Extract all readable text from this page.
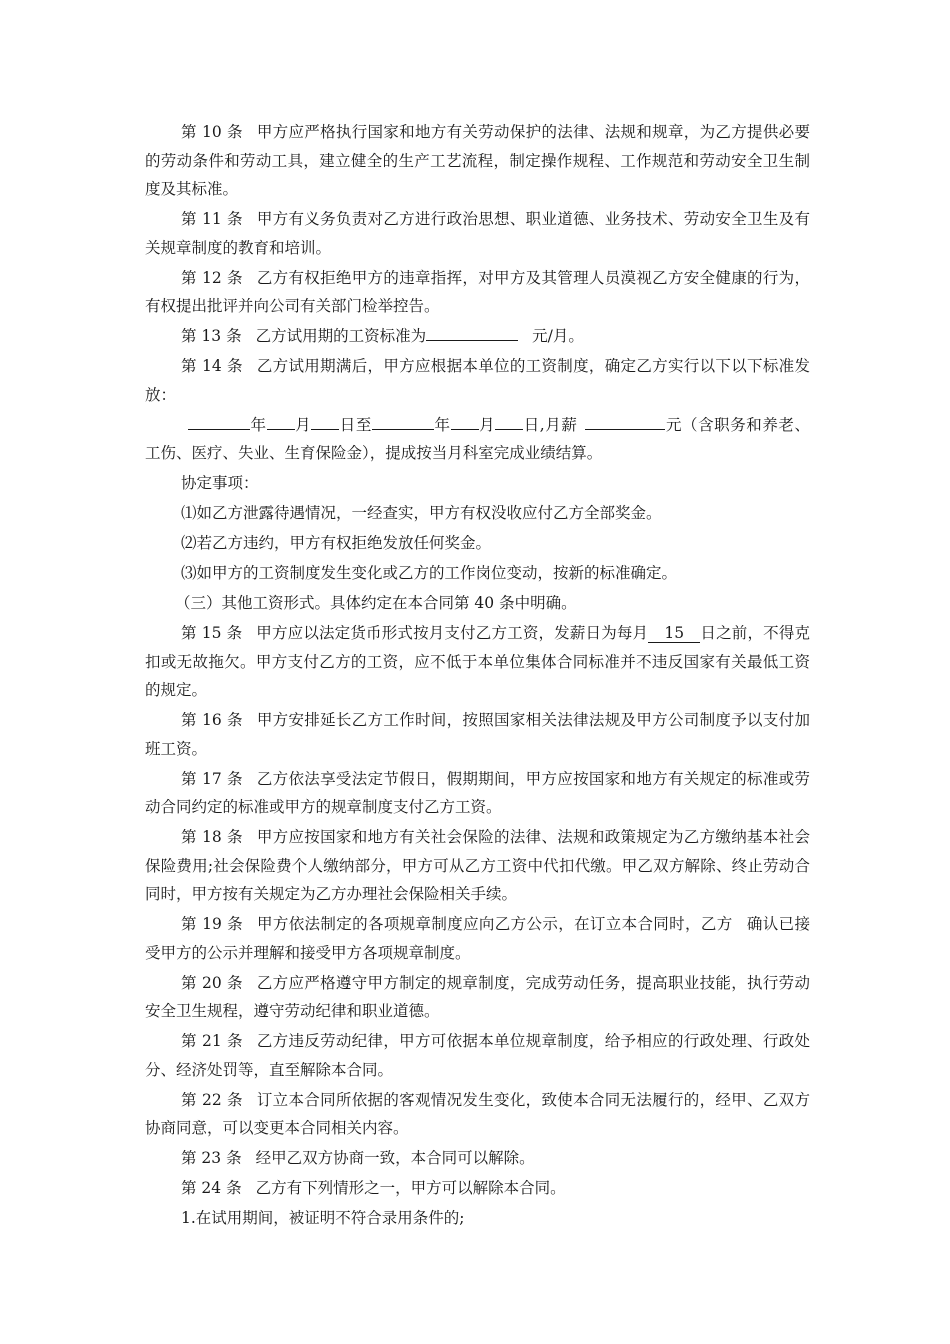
第 10 条 甲方应严格执行国家和地方有关劳动保护的法律、法规和规章，为乙方提供必要的劳动条件和劳动工具，建立健全的生产工艺流程，制定操作规程、工作规范和劳动安全卫生制度及其标准。

第 11 条 甲方有义务负责对乙方进行政治思想、职业道德、业务技术、劳动安全卫生及有关规章制度的教育和培训。

第 12 条 乙方有权拒绝甲方的违章指挥，对甲方及其管理人员漠视乙方安全健康的行为，有权提出批评并向公司有关部门检举控告。

第 13 条 乙方试用期的工资标准为	元/月。

第 14 条 乙方试用期满后，甲方应根据本单位的工资制度，确定乙方实行以下以下标准发放：

年 月 日至	年 月 日,月薪	元（含职务和养老、工伤、医疗、失业、生育保险金），提成按当月科室完成业绩结算。

协定事项：

⑴如乙方泄露待遇情况，一经查实，甲方有权没收应付乙方全部奖金。

⑵若乙方违约，甲方有权拒绝发放任何奖金。

⑶如甲方的工资制度发生变化或乙方的工作岗位变动，按新的标准确定。

（三）其他工资形式。具体约定在本合同第 40 条中明确。

第 15 条 甲方应以法定货币形式按月支付乙方工资，发薪日为每月 15 日之前，不得克扣或无故拖欠。甲方支付乙方的工资，应不低于本单位集体合同标准并不违反国家有关最低工资的规定。

第 16 条 甲方安排延长乙方工作时间，按照国家相关法律法规及甲方公司制度予以支付加班工资。

第 17 条 乙方依法享受法定节假日，假期期间，甲方应按国家和地方有关规定的标准或劳动合同约定的标准或甲方的规章制度支付乙方工资。

第 18 条 甲方应按国家和地方有关社会保险的法律、法规和政策规定为乙方缴纳基本社会保险费用;社会保险费个人缴纳部分，甲方可从乙方工资中代扣代缴。甲乙双方解除、终止劳动合同时，甲方按有关规定为乙方办理社会保险相关手续。

第 19 条 甲方依法制定的各项规章制度应向乙方公示，在订立本合同时，乙方 确认已接受甲方的公示并理解和接受甲方各项规章制度。

第 20 条 乙方应严格遵守甲方制定的规章制度，完成劳动任务，提高职业技能，执行劳动安全卫生规程，遵守劳动纪律和职业道德。

第 21 条 乙方违反劳动纪律，甲方可依据本单位规章制度，给予相应的行政处理、行政处分、经济处罚等，直至解除本合同。

第 22 条 订立本合同所依据的客观情况发生变化，致使本合同无法履行的，经甲、乙双方协商同意，可以变更本合同相关内容。

第 23 条 经甲乙双方协商一致，本合同可以解除。

第 24 条 乙方有下列情形之一，甲方可以解除本合同。

1.在试用期间，被证明不符合录用条件的;
